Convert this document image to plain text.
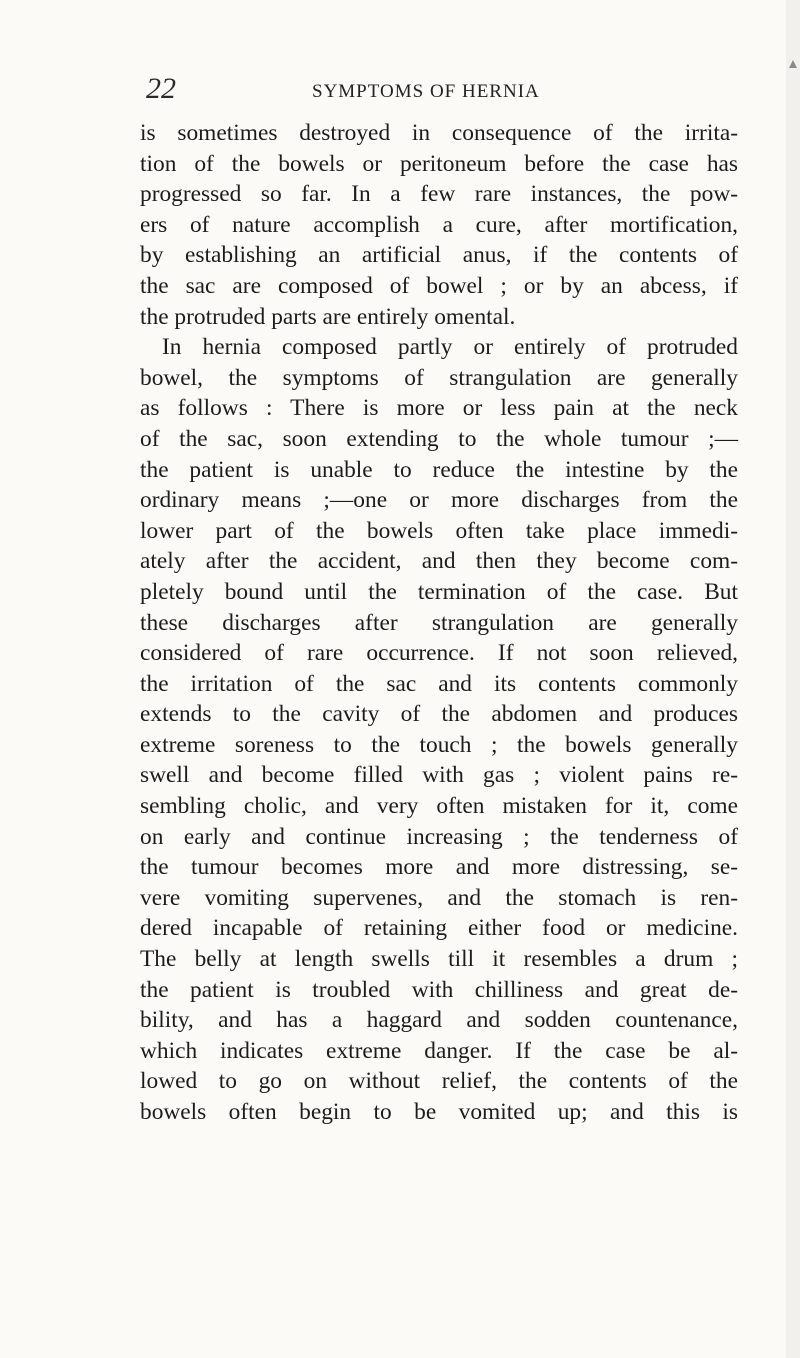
22	SYMPTOMS OF HERNIA
is sometimes destroyed in consequence of the irrita-
tion of the bowels or peritoneum before the case has
progressed so far. In a few rare instances, the pow-
ers of nature accomplish a cure, after mortification,
by establishing an artificial anus, if the contents of
the sac are composed of bowel ; or by an abcess, if
the protruded parts are entirely omental.
In hernia composed partly or entirely of protruded
bowel, the symptoms of strangulation are generally
as follows : There is more or less pain at the neck
of the sac, soon extending to the whole tumour ;—
the patient is unable to reduce the intestine by the
ordinary means ;—one or more discharges from the
lower part of the bowels often take place immedi-
ately after the accident, and then they become com-
pletely bound until the termination of the case. But
these discharges after strangulation are generally
considered of rare occurrence. If not soon relieved,
the irritation of the sac and its contents commonly
extends to the cavity of the abdomen and produces
extreme soreness to the touch ; the bowels generally
swell and become filled with gas ; violent pains re-
sembling cholic, and very often mistaken for it, come
on early and continue increasing ; the tenderness of
the tumour becomes more and more distressing, se-
vere vomiting supervenes, and the stomach is ren-
dered incapable of retaining either food or medicine.
The belly at length swells till it resembles a drum ;
the patient is troubled with chilliness and great de-
bility, and has a haggard and sodden countenance,
which indicates extreme danger. If the case be al-
lowed to go on without relief, the contents of the
bowels often begin to be vomited up; and this is
